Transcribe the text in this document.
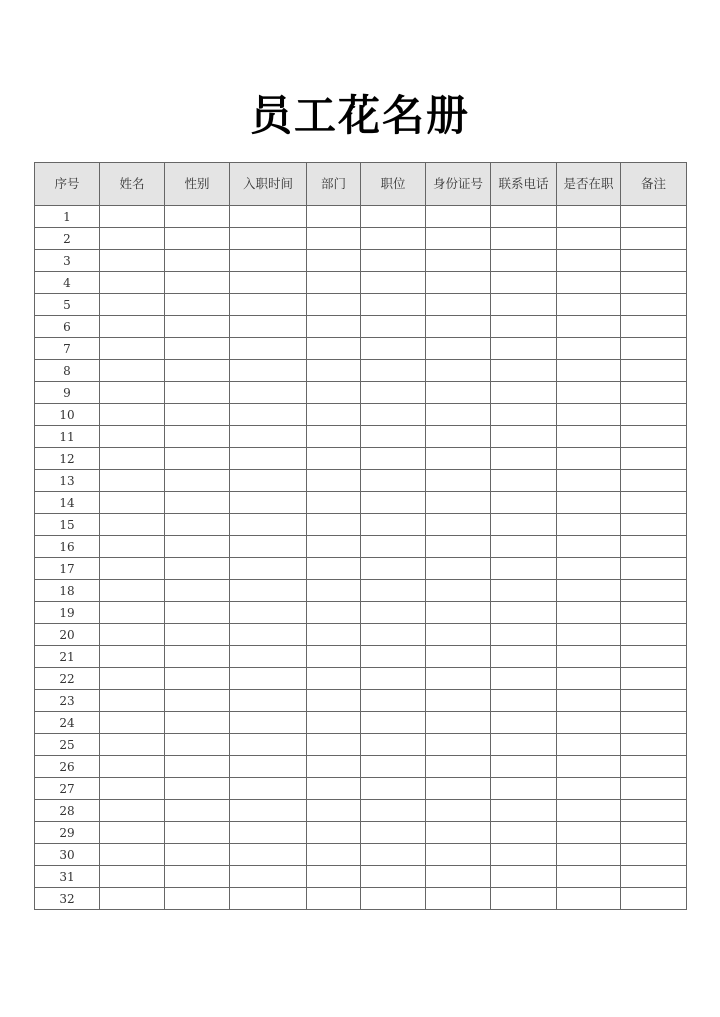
员工花名册
序号	姓名	性别	入职时间	部门	职位	身份证号	联系电话	是否在职	备注
1									
2									
3									
4									
5									
6									
7									
8									
9									
10									
11									
12									
13									
14									
15									
16									
17									
18									
19									
20									
21									
22									
23									
24									
25									
26									
27									
28									
29									
30									
31									
32									
